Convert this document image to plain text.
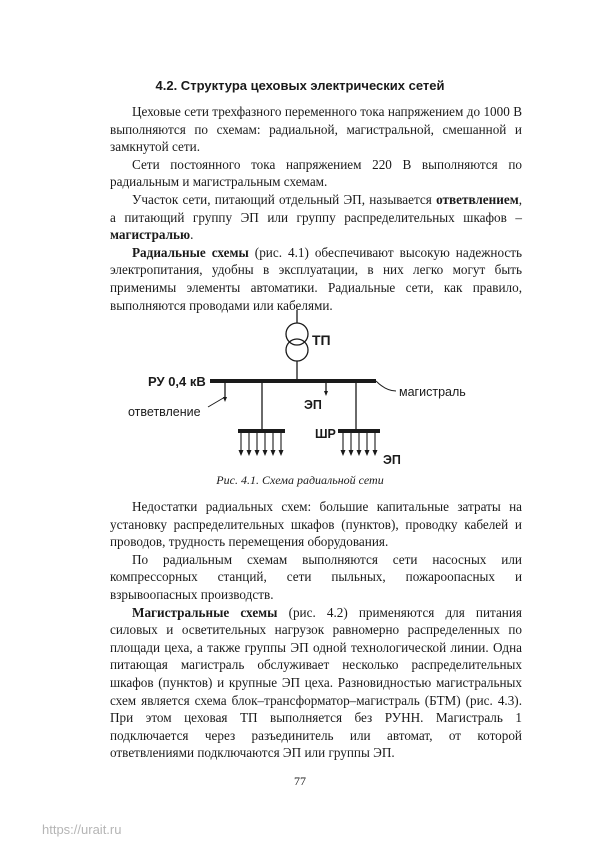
4.2. Структура цеховых электрических сетей

Цеховые сети трехфазного переменного тока напряжением до 1000 В выполняются по схемам: радиальной, магистральной, смешанной и замкнутой сети.

Сети постоянного тока напряжением 220 В выполняются по радиальным и магистральным схемам.

Участок сети, питающий отдельный ЭП, называется ответвлением, а питающий группу ЭП или группу распределительных шкафов – магистралью.

Радиальные схемы (рис. 4.1) обеспечивают высокую надежность электропитания, удобны в эксплуатации, в них легко могут быть применимы элементы автоматики. Радиальные сети, как правило, выполняются проводами или кабелями.

ТП
РУ 0,4 кВ
магистраль
ответвление	ЭП
ШР
ЭП
Рис. 4.1. Схема радиальной сети

Недостатки радиальных схем: большие капитальные затраты на установку распределительных шкафов (пунктов), проводку кабелей и проводов, трудность перемещения оборудования.

По радиальным схемам выполняются сети насосных или компрессорных станций, сети пыльных, пожароопасных и взрывоопасных производств.

Магистральные схемы (рис. 4.2) применяются для питания силовых и осветительных нагрузок равномерно распределенных по площади цеха, а также группы ЭП одной технологической линии. Одна питающая магистраль обслуживает несколько распределительных шкафов (пунктов) и крупные ЭП цеха. Разновидностью магистральных схем является схема блок–трансформатор–магистраль (БТМ) (рис. 4.3). При этом цеховая ТП выполняется без РУНН. Магистраль 1 подключается через разъединитель или автомат, от которой ответвлениями подключаются ЭП или группы ЭП.

77
https://urait.ru
